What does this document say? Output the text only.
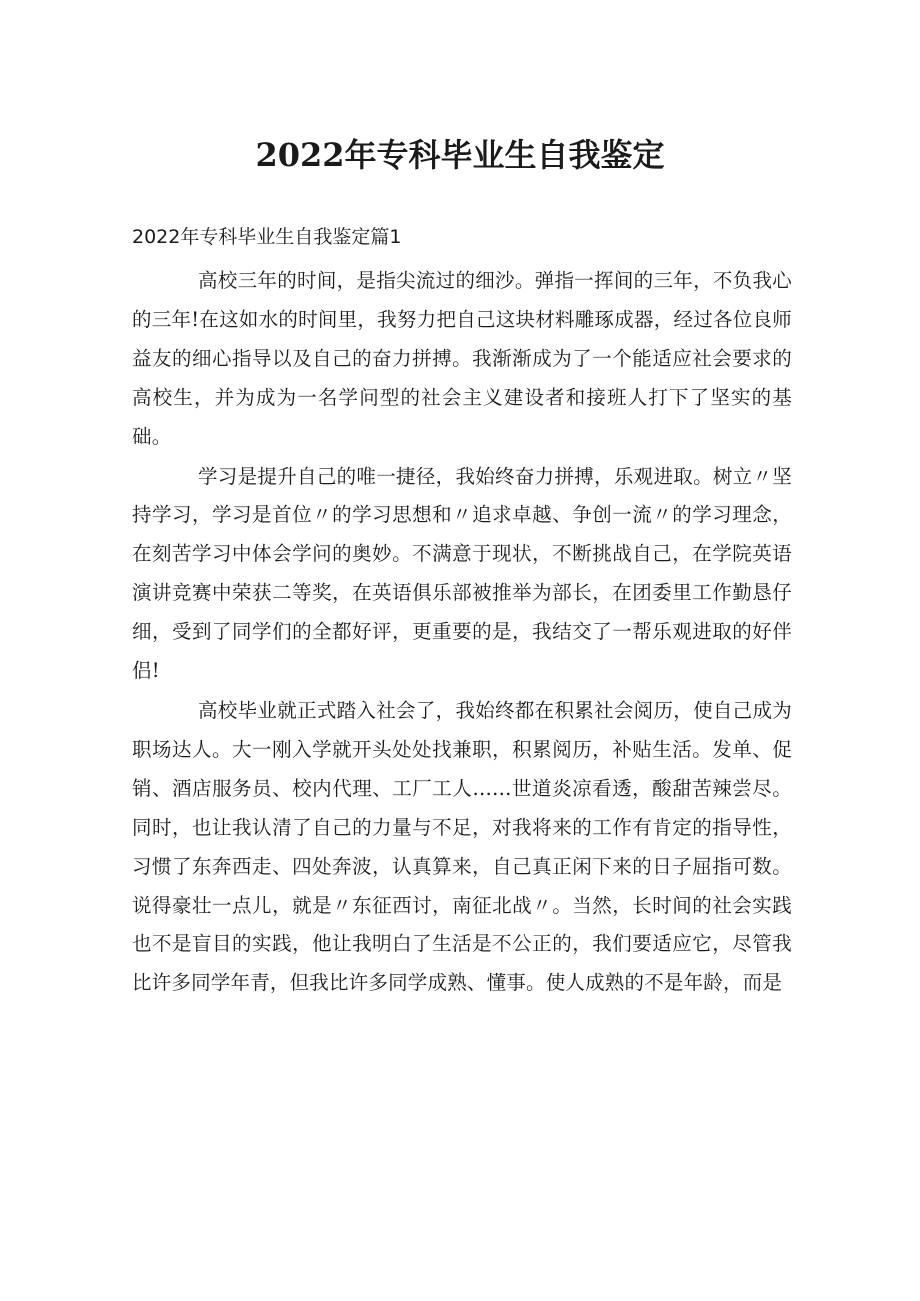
2022年专科毕业生自我鉴定
2022年专科毕业生自我鉴定篇1

高校三年的时间，是指尖流过的细沙。弹指一挥间的三年，不负我心的三年!在这如水的时间里，我努力把自己这块材料雕琢成器，经过各位良师益友的细心指导以及自己的奋力拼搏。我渐渐成为了一个能适应社会要求的高校生，并为成为一名学问型的社会主义建设者和接班人打下了坚实的基础。

学习是提升自己的唯一捷径，我始终奋力拼搏，乐观进取。树立〃坚持学习，学习是首位〃的学习思想和〃追求卓越、争创一流〃的学习理念，在刻苦学习中体会学问的奥妙。不满意于现状，不断挑战自己，在学院英语演讲竞赛中荣获二等奖，在英语俱乐部被推举为部长，在团委里工作勤恳仔细，受到了同学们的全都好评，更重要的是，我结交了一帮乐观进取的好伴侣!

高校毕业就正式踏入社会了，我始终都在积累社会阅历，使自己成为职场达人。大一刚入学就开头处处找兼职，积累阅历，补贴生活。发单、促销、酒店服务员、校内代理、工厂工人……世道炎凉看透，酸甜苦辣尝尽。同时，也让我认清了自己的力量与不足，对我将来的工作有肯定的指导性，习惯了东奔西走、四处奔波，认真算来，自己真正闲下来的日子屈指可数。说得豪壮一点儿，就是〃东征西讨，南征北战〃。当然，长时间的社会实践也不是盲目的实践，他让我明白了生活是不公正的，我们要适应它，尽管我比许多同学年青，但我比许多同学成熟、懂事。使人成熟的不是年龄，而是
